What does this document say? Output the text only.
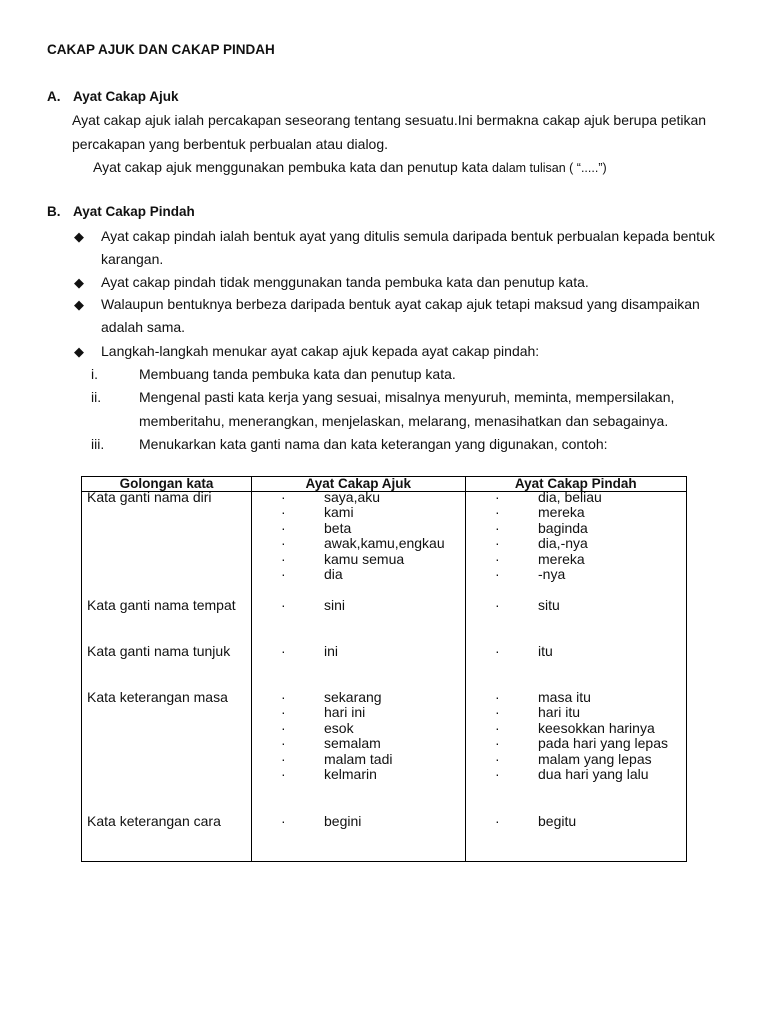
CAKAP AJUK DAN CAKAP PINDAH
A. Ayat Cakap Ajuk
Ayat cakap ajuk ialah percakapan seseorang tentang sesuatu.Ini bermakna cakap ajuk berupa petikan
percakapan yang berbentuk perbualan atau dialog.
Ayat cakap ajuk menggunakan pembuka kata dan penutup kata dalam tulisan ( “.....”)
B. Ayat Cakap Pindah
◆ Ayat cakap pindah ialah bentuk ayat yang ditulis semula daripada bentuk perbualan kepada bentuk karangan.
◆ Ayat cakap pindah tidak menggunakan tanda pembuka kata dan penutup kata.
◆ Walaupun bentuknya berbeza daripada bentuk ayat cakap ajuk tetapi maksud yang disampaikan adalah sama.
◆ Langkah-langkah menukar ayat cakap ajuk kepada ayat cakap pindah:
i.	Membuang tanda pembuka kata dan penutup kata.
ii.	Mengenal pasti kata kerja yang sesuai, misalnya menyuruh, meminta, mempersilakan, memberitahu, menerangkan, menjelaskan, melarang, menasihatkan dan sebagainya.
iii. Menukarkan kata ganti nama dan kata keterangan yang digunakan, contoh:
Golongan kata	Ayat Cakap Ajuk	Ayat Cakap Pindah

Kata ganti nama diri	·	saya,aku	·	dia, beliau
·	kami	·	mereka
·	beta	·	baginda
·	awak,kamu,engkau	·	dia,-nya
·	kamu semua	·	mereka
·	dia	·	-nya
Kata ganti nama tempat	·	sini	·	situ
Kata ganti nama tunjuk	·	ini	·	itu
Kata keterangan masa	·	sekarang	·	masa itu
·	hari ini	·	hari itu
·	esok	·	keesokkan harinya
·	semalam	·	pada hari yang lepas
·	malam tadi	·	malam yang lepas
·	kelmarin	·	dua hari yang lalu
Kata keterangan cara	·	begini	·	begitu
